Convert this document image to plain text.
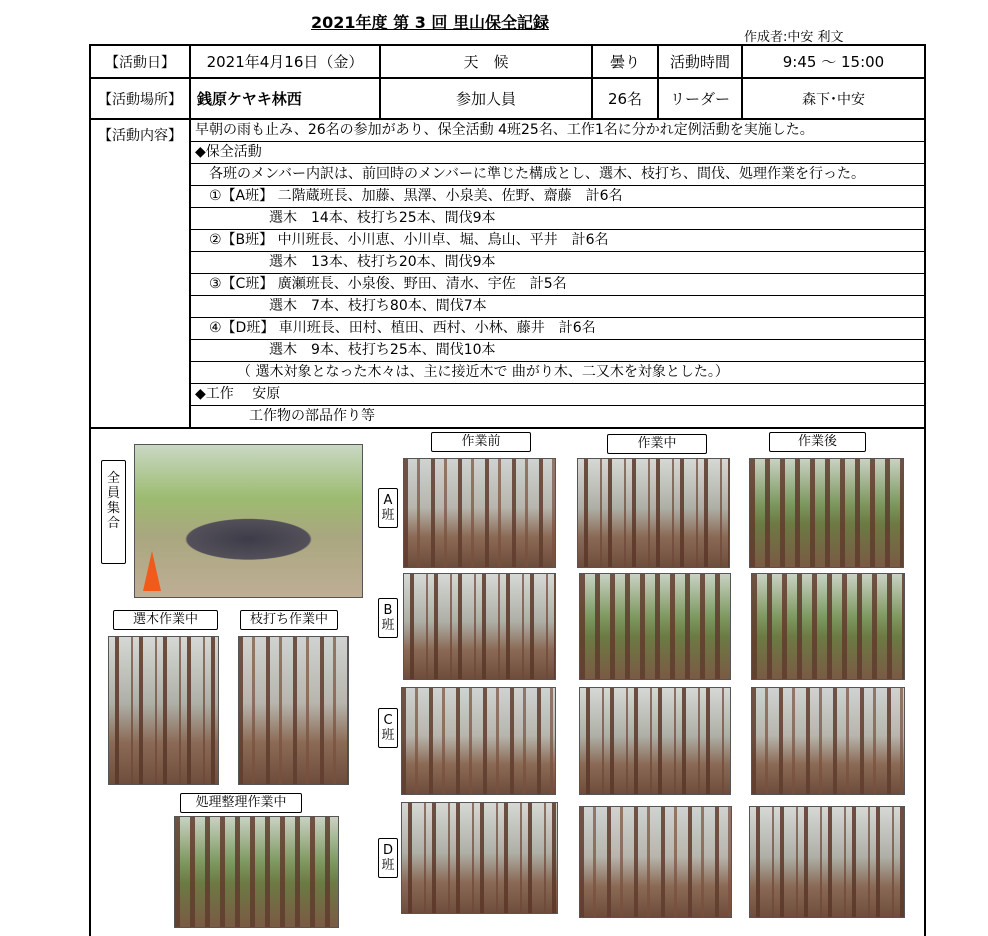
2021年度 第 3 回 里山保全記録
作成者:中安 利文
【活動日】	2021年4月16日（金）	天　候	曇り	活動時間	9:45 ～ 15:00
【活動場所】	銭原ケヤキ林西	参加人員	26名	リーダー	森下･中安
【活動内容】 早朝の雨も止み、26名の参加があり、保全活動 4班25名、工作1名に分かれ定例活動を実施した。
◆保全活動
各班のメンバー内訳は、前回時のメンバーに準じた構成とし、選木、枝打ち、間伐、処理作業を行った。
①【A班】 二階蔵班長、加藤、黒澤、小泉美、佐野、齋藤　計6名
選木　14本、枝打ち25本、間伐9本
②【B班】 中川班長、小川恵、小川卓、堀、鳥山、平井　計6名
選木　13本、枝打ち20本、間伐9本
③【C班】 廣瀬班長、小泉俊、野田、清水、宇佐　計5名
選木　7本、枝打ち80本、間伐7本
④【D班】 車川班長、田村、植田、西村、小林、藤井　計6名
選木　9本、枝打ち25本、間伐10本
（ 選木対象となった木々は、主に接近木で 曲がり木、二又木を対象とした。）
◆工作　 安原
工作物の部品作り等
全員集合
選木作業中	枝打ち作業中
処理整理作業中
作業前	作業中	作業後
A班
B班
C班
D班
